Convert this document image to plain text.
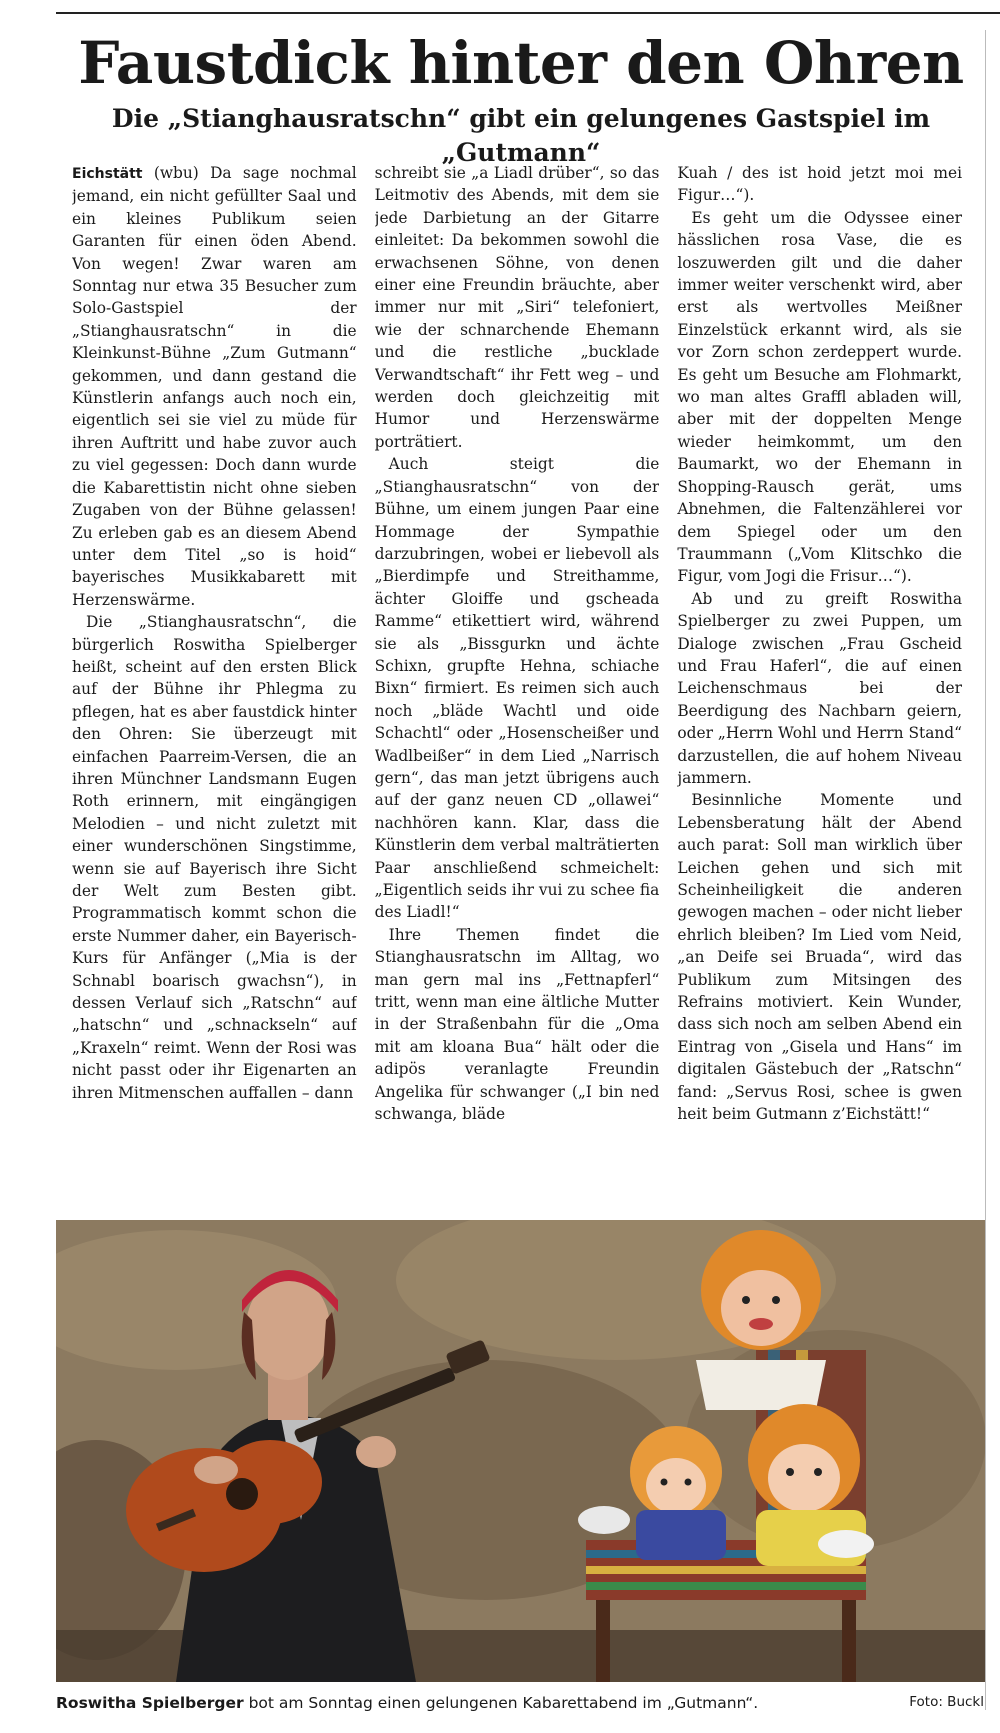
Faustdick hinter den Ohren
Die „Stianghausratschn“ gibt ein gelungenes Gastspiel im „Gutmann“

Eichstätt (wbu) Da sage nochmal jemand, ein nicht gefüllter Saal und ein kleines Publikum seien Garanten für einen öden Abend. Von wegen! Zwar waren am Sonntag nur etwa 35 Besucher zum Solo-Gastspiel der „Stianghausratschn“ in die Kleinkunst-Bühne „Zum Gutmann“ gekommen, und dann gestand die Künstlerin anfangs auch noch ein, eigentlich sei sie viel zu müde für ihren Auftritt und habe zuvor auch zu viel gegessen: Doch dann wurde die Kabarettistin nicht ohne sieben Zugaben von der Bühne gelassen! Zu erleben gab es an diesem Abend unter dem Titel „so is hoid“ bayerisches Musikkabarett mit Herzenswärme.

Die „Stianghausratschn“, die bürgerlich Roswitha Spielberger heißt, scheint auf den ersten Blick auf der Bühne ihr Phlegma zu pflegen, hat es aber faustdick hinter den Ohren: Sie überzeugt mit einfachen Paarreim-Versen, die an ihren Münchner Landsmann Eugen Roth erinnern, mit eingängigen Melodien – und nicht zuletzt mit einer wunderschönen Singstimme, wenn sie auf Bayerisch ihre Sicht der Welt zum Besten gibt. Programmatisch kommt schon die erste Nummer daher, ein Bayerisch-Kurs für Anfänger („Mia is der Schnabl boarisch gwachsn“), in dessen Verlauf sich „Ratschn“ auf „hatschn“ und „schnackseln“ auf „Kraxeln“ reimt. Wenn der Rosi was nicht passt oder ihr Eigenarten an ihren Mitmenschen auffallen – dann

schreibt sie „a Liadl drüber“, so das Leitmotiv des Abends, mit dem sie jede Darbietung an der Gitarre einleitet: Da bekommen sowohl die erwachsenen Söhne, von denen einer eine Freundin bräuchte, aber immer nur mit „Siri“ telefoniert, wie der schnarchende Ehemann und die restliche „bucklade Verwandtschaft“ ihr Fett weg – und werden doch gleichzeitig mit Humor und Herzenswärme porträtiert.

Auch steigt die „Stianghausratschn“ von der Bühne, um einem jungen Paar eine Hommage der Sympathie darzubringen, wobei er liebevoll als „Bierdimpfe und Streithamme, ächter Gloiffe und gscheada Ramme“ etikettiert wird, während sie als „Bissgurkn und ächte Schixn, grupfte Hehna, schiache Bixn“ firmiert. Es reimen sich auch noch „bläde Wachtl und oide Schachtl“ oder „Hosenscheißer und Wadlbeißer“ in dem Lied „Narrisch gern“, das man jetzt übrigens auch auf der ganz neuen CD „ollawei“ nachhören kann. Klar, dass die Künstlerin dem verbal malträtierten Paar anschließend schmeichelt: „Eigentlich seids ihr vui zu schee fia des Liadl!“

Ihre Themen findet die Stianghausratschn im Alltag, wo man gern mal ins „Fettnapferl“ tritt, wenn man eine ältliche Mutter in der Straßenbahn für die „Oma mit am kloana Bua“ hält oder die adipös veranlagte Freundin Angelika für schwanger („I bin ned schwanga, bläde

Kuah / des ist hoid jetzt moi mei Figur…“).

Es geht um die Odyssee einer hässlichen rosa Vase, die es loszuwerden gilt und die daher immer weiter verschenkt wird, aber erst als wertvolles Meißner Einzelstück erkannt wird, als sie vor Zorn schon zerdeppert wurde. Es geht um Besuche am Flohmarkt, wo man altes Graffl abladen will, aber mit der doppelten Menge wieder heimkommt, um den Baumarkt, wo der Ehemann in Shopping-Rausch gerät, ums Abnehmen, die Faltenzählerei vor dem Spiegel oder um den Traummann („Vom Klitschko die Figur, vom Jogi die Frisur…“).

Ab und zu greift Roswitha Spielberger zu zwei Puppen, um Dialoge zwischen „Frau Gscheid und Frau Haferl“, die auf einen Leichenschmaus bei der Beerdigung des Nachbarn geiern, oder „Herrn Wohl und Herrn Stand“ darzustellen, die auf hohem Niveau jammern.

Besinnliche Momente und Lebensberatung hält der Abend auch parat: Soll man wirklich über Leichen gehen und sich mit Scheinheiligkeit die anderen gewogen machen – oder nicht lieber ehrlich bleiben? Im Lied vom Neid, „an Deife sei Bruada“, wird das Publikum zum Mitsingen des Refrains motiviert. Kein Wunder, dass sich noch am selben Abend ein Eintrag von „Gisela und Hans“ im digitalen Gästebuch der „Ratschn“ fand: „Servus Rosi, schee is gwen heit beim Gutmann z’Eichstätt!“

Roswitha Spielberger bot am Sonntag einen gelungenen Kabarettabend im „Gutmann“.	Foto: Buckl
